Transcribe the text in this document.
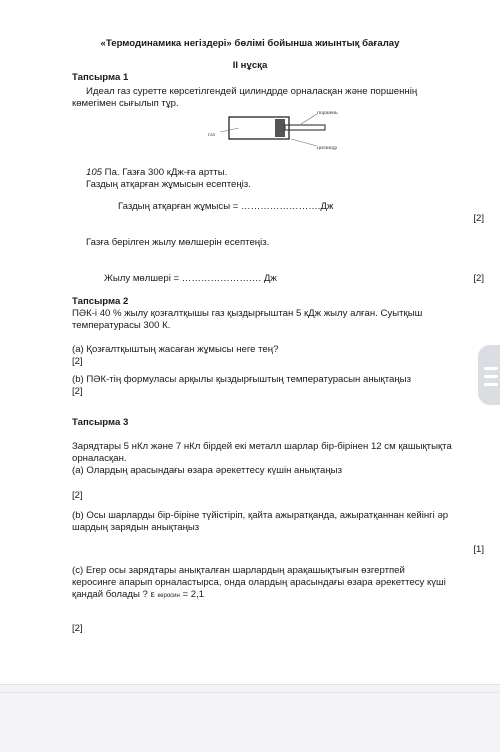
«Термодинамика негіздері» бөлімі бойынша жиынтық бағалау
II нұсқа
Тапсырма 1
Идеал газ суретте көрсетілгендей цилиндрде орналасқан және поршеннің
көмегімен сығылып тұр.
поршень
газ
цилиндр
105 Па. Газға 300 кДж-ға артты.
Газдың атқарған жұмысын есептеңіз.
Газдың атқарған жұмысы = …………………….Дж
[2]
Газға берілген жылу мөлшерін есептеңіз.
Жылу мөлшері = ……………………. Дж	[2]
Тапсырма 2
ПӘК-і 40 % жылу қозғалтқышы газ қыздырғыштан 5 кДж жылу алған. Суытқыш
температурасы 300 К.
(a) Қозғалтқыштың жасаған жұмысы неге тең?
[2]
(b) ПӘК-тің формуласы арқылы қыздырғыштың температурасын анықтаңыз
[2]
Тапсырма 3
Зарядтары 5 нКл және 7 нКл бірдей екі металл шарлар бір-бірінен 12 см қашықтықта
орналасқан.
(a) Олардың арасындағы өзара әрекеттесу күшін анықтаңыз
[2]
(b) Осы шарларды бір-біріне түйістіріп, қайта ажыратқанда, ажыратқаннан кейінгі әр
шардың зарядын анықтаңыз
[1]
(c) Егер осы зарядтары анықталған шарлардың арақашықтығын өзгертпей
керосинге апарып орналастырса, онда олардың арасындағы өзара әрекеттесу күші
қандай болады ? ε керосин = 2,1
[2]
